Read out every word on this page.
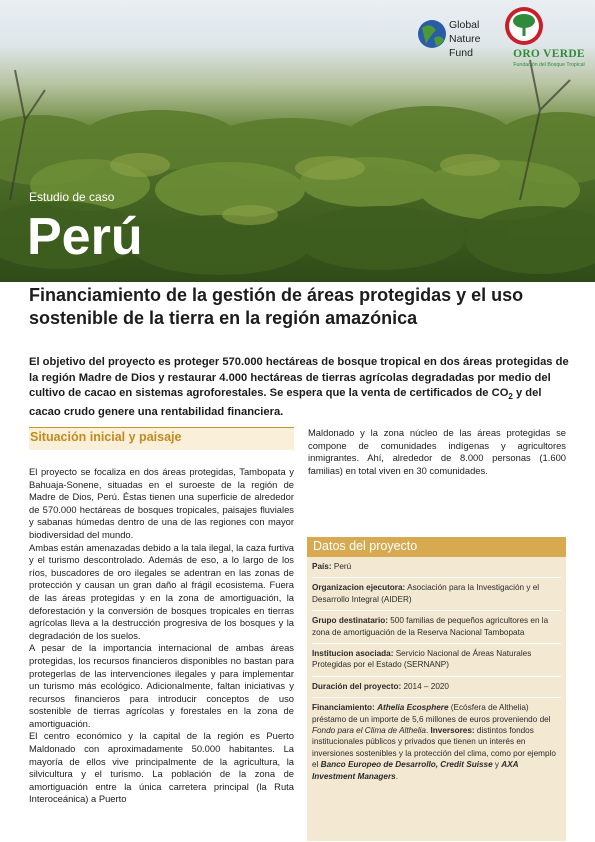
Global
Nature
Fund	ORO VERDE
Fundación del Bosque Tropical
Estudio de caso
Perú
Financiamiento de la gestión de áreas protegidas y el uso sostenible de la tierra en la región amazónica
El objetivo del proyecto es proteger 570.000 hectáreas de bosque tropical en dos áreas protegidas de la región Madre de Dios y restaurar 4.000 hectáreas de tierras agrícolas degradadas por medio del cultivo de cacao en sistemas agroforestales. Se espera que la venta de certificados de $CO_2$ y del cacao crudo genere una rentabilidad financiera.
Situación inicial y paisaje

El proyecto se focaliza en dos áreas protegidas, Tambopata y Bahuaja-Sonene, situadas en el suroeste de la región de Madre de Dios, Perú. Éstas tienen una superficie de alrededor de 570.000 hectáreas de bosques tropicales, paisajes fluviales y sabanas húmedas dentro de una de las regiones con mayor biodiversidad del mundo.

Ambas están amenazadas debido a la tala ilegal, la caza furtiva y el turismo descontrolado. Además de eso, a lo largo de los ríos, buscadores de oro ilegales se adentran en las zonas de protección y causan un gran daño al frágil ecosistema. Fuera de las áreas protegidas y en la zona de amortiguación, la deforestación y la conversión de bosques tropicales en tierras agrícolas lleva a la destrucción progresiva de los bosques y la degradación de los suelos.

A pesar de la importancia internacional de ambas áreas protegidas, los recursos financieros disponibles no bastan para protegerlas de las intervenciones ilegales y para implementar un turismo más ecológico. Adicionalmente, faltan iniciativas y recursos financieros para introducir conceptos de uso sostenible de tierras agrícolas y forestales en la zona de amortiguación.

El centro económico y la capital de la región es Puerto Maldonado con aproximadamente 50.000 habitantes. La mayoría de ellos vive principalmente de la agricultura, la silvicultura y el turismo. La población de la zona de amortiguación entre la única carretera principal (la Ruta Interoceánica) a Puerto

Maldonado y la zona núcleo de las áreas protegidas se compone de comunidades indígenas y agricultores inmigrantes. Ahí, alrededor de 8.000 personas (1.600 familias) en total viven en 30 comunidades.

Datos del proyecto
País: Perú
Organizacion ejecutora: Asociación para la Investigación y el Desarrollo Integral (AIDER)
Grupo destinatario: 500 familias de pequeños agricultores en la zona de amortiguación de la Reserva Nacional Tambopata
Institucion asociada: Servicio Nacional de Áreas Naturales Protegidas por el Estado (SERNANP)
Duración del proyecto: 2014 – 2020
Financiamiento: Athelia Ecosphere (Ecósfera de Althelia) préstamo de un importe de 5,6 millones de euros proveniendo del Fondo para el Clima de Althelia. Inversores: distintos fondos institucionales públicos y privados que tienen un interés en inversiones sostenibles y la protección del clima, como por ejemplo el Banco Europeo de Desarrollo, Credit Suisse y AXA Investment Managers.
